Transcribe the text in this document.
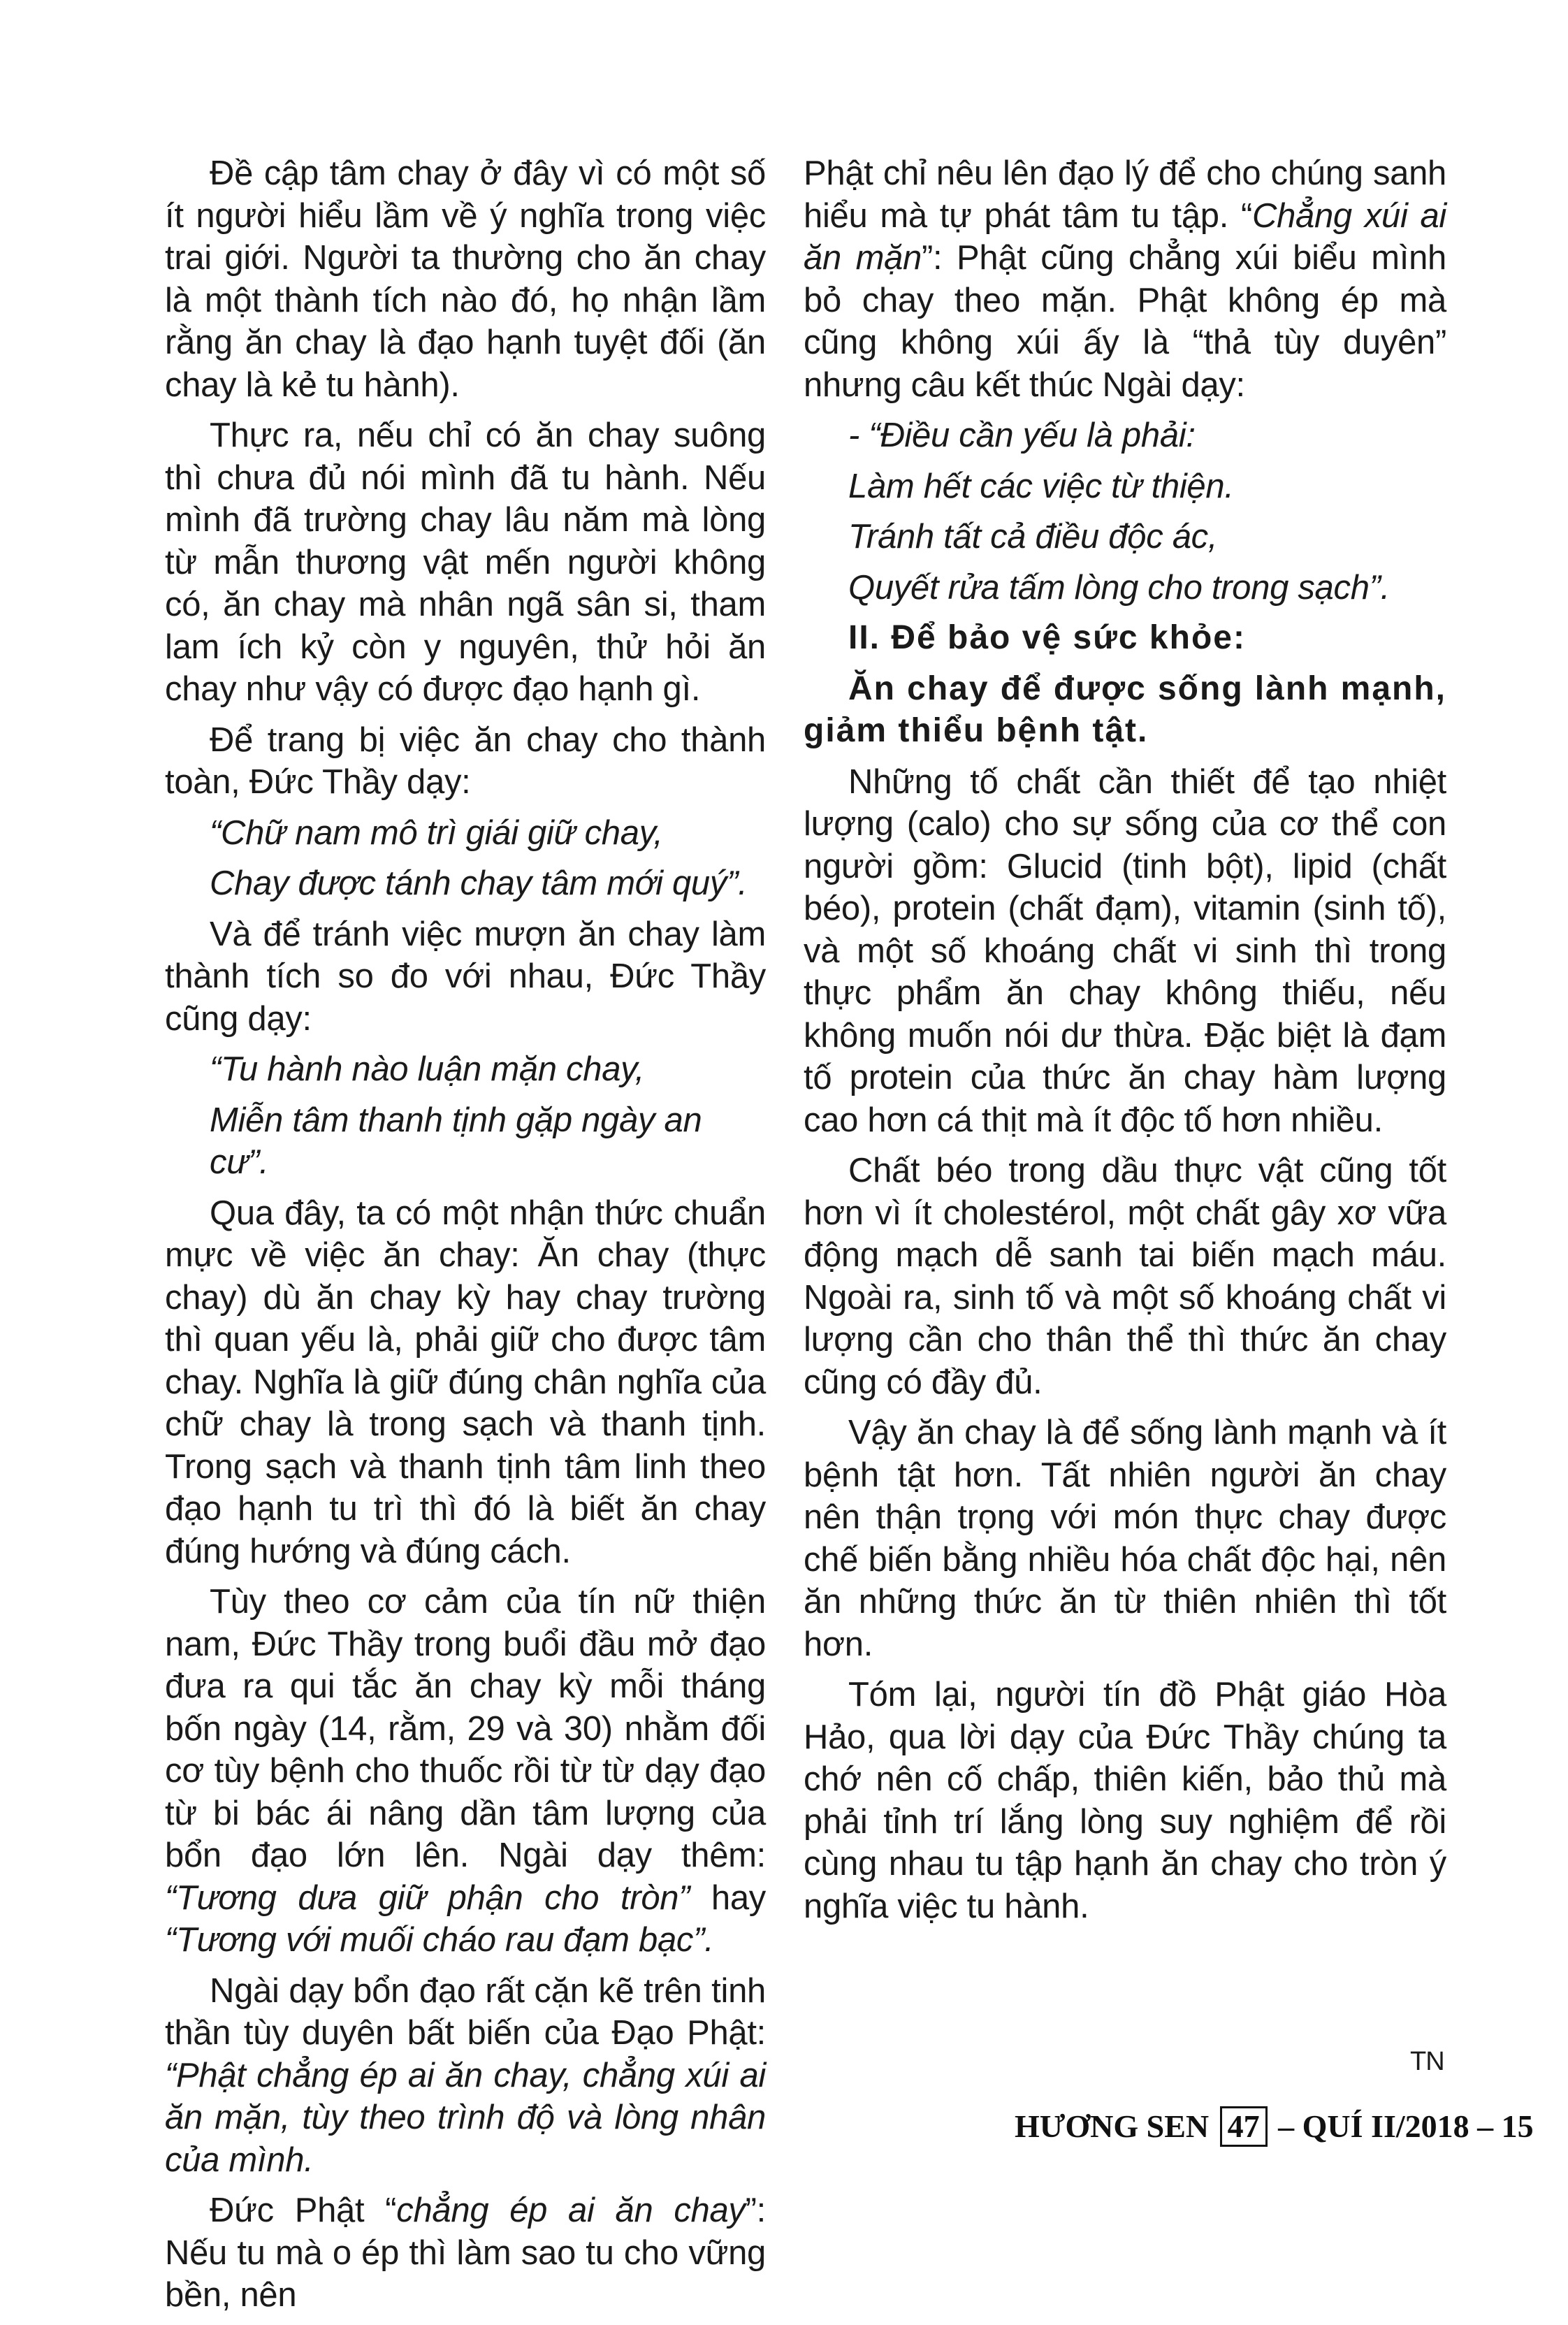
Đề cập tâm chay ở đây vì có một số ít người hiểu lầm về ý nghĩa trong việc trai giới. Người ta thường cho ăn chay là một thành tích nào đó, họ nhận lầm rằng ăn chay là đạo hạnh tuyệt đối (ăn chay là kẻ tu hành).

Thực ra, nếu chỉ có ăn chay suông thì chưa đủ nói mình đã tu hành. Nếu mình đã trường chay lâu năm mà lòng từ mẫn thương vật mến người không có, ăn chay mà nhân ngã sân si, tham lam ích kỷ còn y nguyên, thử hỏi ăn chay như vậy có được đạo hạnh gì.

Để trang bị việc ăn chay cho thành toàn, Đức Thầy dạy:

“Chữ nam mô trì giái giữ chay,

Chay được tánh chay tâm mới quý”.

Và để tránh việc mượn ăn chay làm thành tích so đo với nhau, Đức Thầy cũng dạy:

“Tu hành nào luận mặn chay,

Miễn tâm thanh tịnh gặp ngày an cư”.

Qua đây, ta có một nhận thức chuẩn mực về việc ăn chay: Ăn chay (thực chay) dù ăn chay kỳ hay chay trường thì quan yếu là, phải giữ cho được tâm chay. Nghĩa là giữ đúng chân nghĩa của chữ chay là trong sạch và thanh tịnh. Trong sạch và thanh tịnh tâm linh theo đạo hạnh tu trì thì đó là biết ăn chay đúng hướng và đúng cách.

Tùy theo cơ cảm của tín nữ thiện nam, Đức Thầy trong buổi đầu mở đạo đưa ra qui tắc ăn chay kỳ mỗi tháng bốn ngày (14, rằm, 29 và 30) nhằm đối cơ tùy bệnh cho thuốc rồi từ từ dạy đạo từ bi bác ái nâng dần tâm lượng của bổn đạo lớn lên. Ngài dạy thêm: “Tương dưa giữ phận cho tròn” hay “Tương với muối cháo rau đạm bạc”.

Ngài dạy bổn đạo rất cặn kẽ trên tinh thần tùy duyên bất biến của Đạo Phật: “Phật chẳng ép ai ăn chay, chẳng xúi ai ăn mặn, tùy theo trình độ và lòng nhân của mình.

Đức Phật “chẳng ép ai ăn chay”: Nếu tu mà o ép thì làm sao tu cho vững bền, nên

Phật chỉ nêu lên đạo lý để cho chúng sanh hiểu mà tự phát tâm tu tập. “Chẳng xúi ai ăn mặn”: Phật cũng chẳng xúi biểu mình bỏ chay theo mặn. Phật không ép mà cũng không xúi ấy là “thả tùy duyên” nhưng câu kết thúc Ngài dạy:

- “Điều cần yếu là phải:

Làm hết các việc từ thiện.

Tránh tất cả điều độc ác,

Quyết rửa tấm lòng cho trong sạch”.

II. Để bảo vệ sức khỏe:

Ăn chay để được sống lành mạnh, giảm thiểu bệnh tật.

Những tố chất cần thiết để tạo nhiệt lượng (calo) cho sự sống của cơ thể con người gồm: Glucid (tinh bột), lipid (chất béo), protein (chất đạm), vitamin (sinh tố), và một số khoáng chất vi sinh thì trong thực phẩm ăn chay không thiếu, nếu không muốn nói dư thừa. Đặc biệt là đạm tố protein của thức ăn chay hàm lượng cao hơn cá thịt mà ít độc tố hơn nhiều.

Chất béo trong dầu thực vật cũng tốt hơn vì ít cholestérol, một chất gây xơ vữa động mạch dễ sanh tai biến mạch máu. Ngoài ra, sinh tố và một số khoáng chất vi lượng cần cho thân thể thì thức ăn chay cũng có đầy đủ.

Vậy ăn chay là để sống lành mạnh và ít bệnh tật hơn. Tất nhiên người ăn chay nên thận trọng với món thực chay được chế biến bằng nhiều hóa chất độc hại, nên ăn những thức ăn từ thiên nhiên thì tốt hơn.

Tóm lại, người tín đồ Phật giáo Hòa Hảo, qua lời dạy của Đức Thầy chúng ta chớ nên cố chấp, thiên kiến, bảo thủ mà phải tỉnh trí lắng lòng suy nghiệm để rồi cùng nhau tu tập hạnh ăn chay cho tròn ý nghĩa việc tu hành.

TN
HƯƠNG SEN 47 – QUÍ II/2018 – 15
